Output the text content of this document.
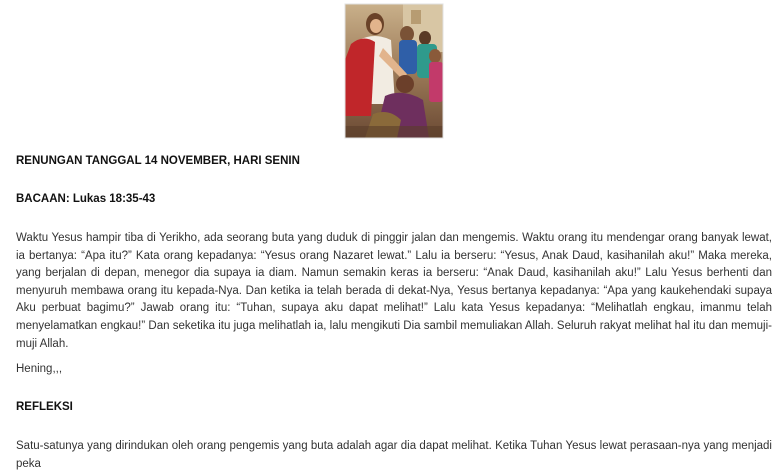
RENUNGAN TANGGAL 14 NOVEMBER, HARI SENIN

BACAAN: Lukas 18:35-43

Waktu Yesus hampir tiba di Yerikho, ada seorang buta yang duduk di pinggir jalan dan mengemis. Waktu orang itu mendengar orang banyak lewat, ia bertanya: “Apa itu?” Kata orang kepadanya: “Yesus orang Nazaret lewat.” Lalu ia berseru: “Yesus, Anak Daud, kasihanilah aku!” Maka mereka, yang berjalan di depan, menegor dia supaya ia diam. Namun semakin keras ia berseru: “Anak Daud, kasihanilah aku!” Lalu Yesus berhenti dan menyuruh membawa orang itu kepada-Nya. Dan ketika ia telah berada di dekat-Nya, Yesus bertanya kepadanya: “Apa yang kaukehendaki supaya Aku perbuat bagimu?” Jawab orang itu: “Tuhan, supaya aku dapat melihat!” Lalu kata Yesus kepadanya: “Melihatlah engkau, imanmu telah menyelamatkan engkau!” Dan seketika itu juga melihatlah ia, lalu mengikuti Dia sambil memuliakan Allah. Seluruh rakyat melihat hal itu dan memuji-muji Allah.

Hening,,,

REFLEKSI

Satu-satunya yang dirindukan oleh orang pengemis yang buta adalah agar dia dapat melihat. Ketika Tuhan Yesus lewat perasaan-nya yang menjadi peka
